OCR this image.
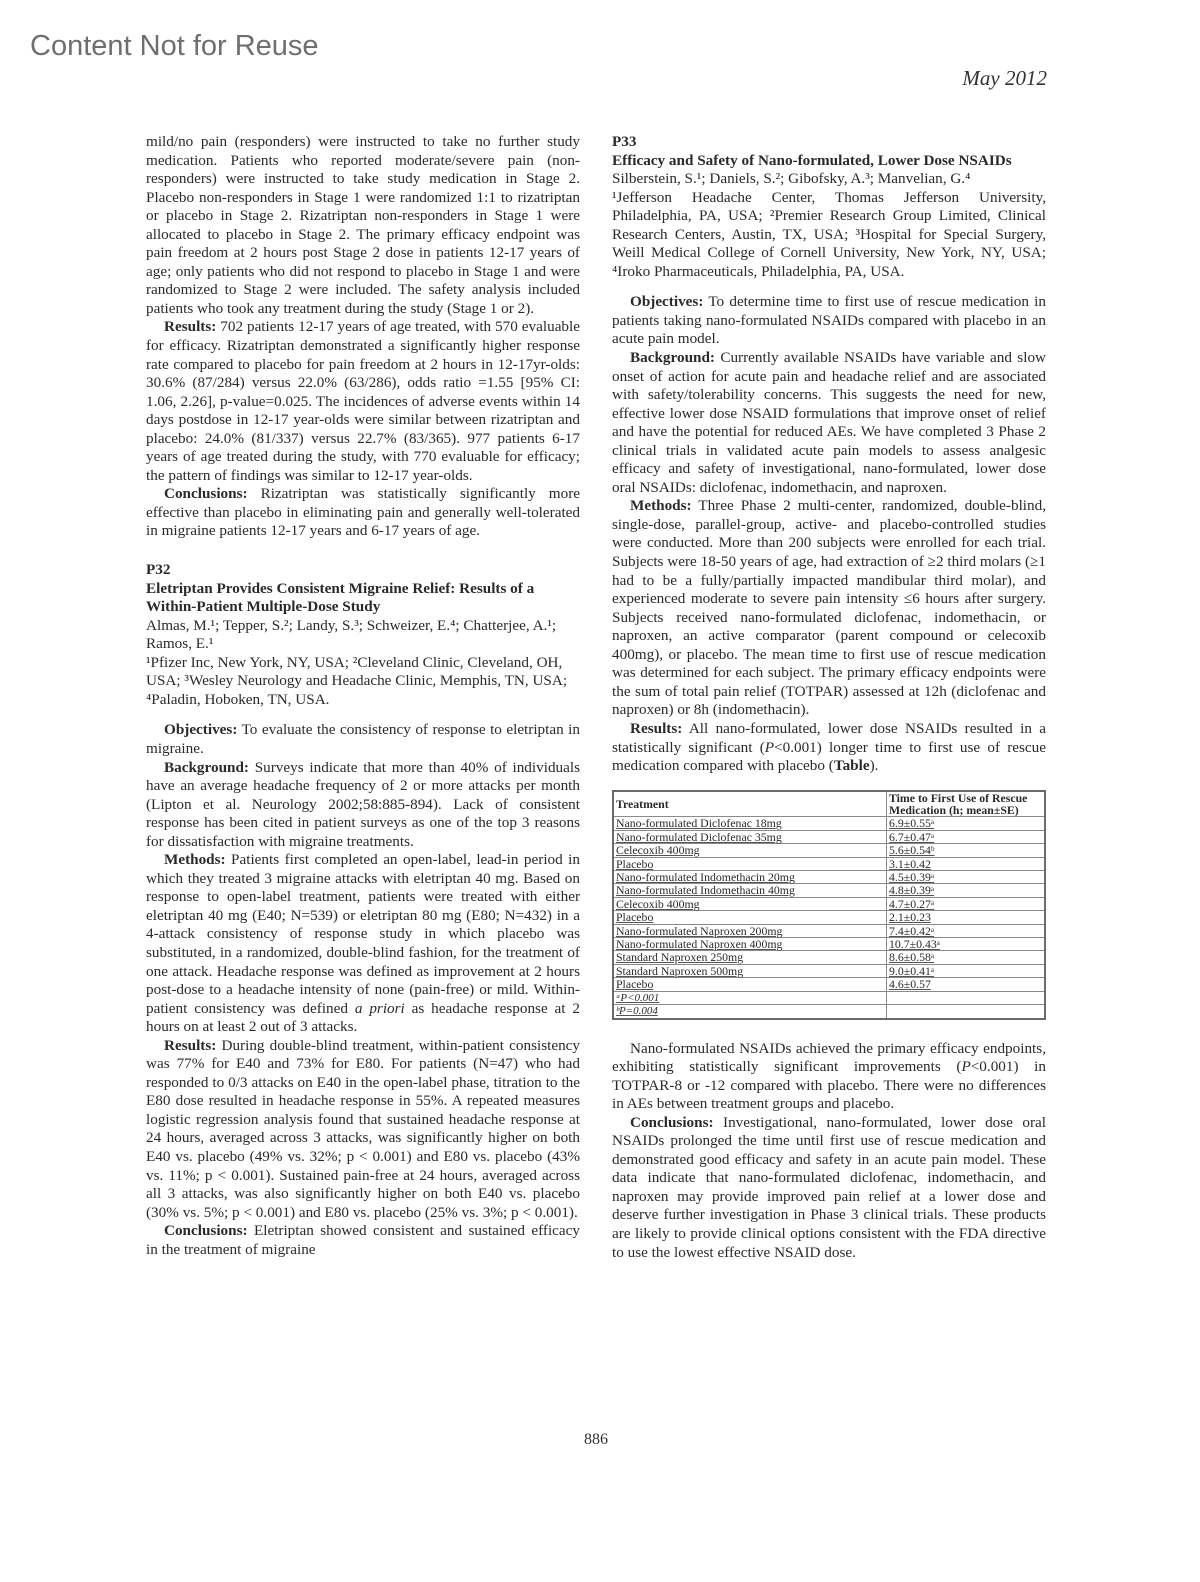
Content Not for Reuse
May 2012

mild/no pain (responders) were instructed to take no further study medication. Patients who reported moderate/severe pain (non-responders) were instructed to take study medication in Stage 2. Placebo non-responders in Stage 1 were randomized 1:1 to rizatriptan or placebo in Stage 2. Rizatriptan non-responders in Stage 1 were allocated to placebo in Stage 2. The primary efficacy endpoint was pain freedom at 2 hours post Stage 2 dose in patients 12-17 years of age; only patients who did not respond to placebo in Stage 1 and were randomized to Stage 2 were included. The safety analysis included patients who took any treatment during the study (Stage 1 or 2).

Results: 702 patients 12-17 years of age treated, with 570 evaluable for efficacy. Rizatriptan demonstrated a significantly higher response rate compared to placebo for pain freedom at 2 hours in 12-17yr-olds: 30.6% (87/284) versus 22.0% (63/286), odds ratio =1.55 [95% CI: 1.06, 2.26], p-value=0.025. The incidences of adverse events within 14 days postdose in 12-17 year-olds were similar between rizatriptan and placebo: 24.0% (81/337) versus 22.7% (83/365). 977 patients 6-17 years of age treated during the study, with 770 evaluable for efficacy; the pattern of findings was similar to 12-17 year-olds.

Conclusions: Rizatriptan was statistically significantly more effective than placebo in eliminating pain and generally well-tolerated in migraine patients 12-17 years and 6-17 years of age.

P32

Eletriptan Provides Consistent Migraine Relief: Results of a Within-Patient Multiple-Dose Study

Almas, M.¹; Tepper, S.²; Landy, S.³; Schweizer, E.⁴; Chatterjee, A.¹; Ramos, E.¹

¹Pfizer Inc, New York, NY, USA; ²Cleveland Clinic, Cleveland, OH, USA; ³Wesley Neurology and Headache Clinic, Memphis, TN, USA; ⁴Paladin, Hoboken, TN, USA.

Objectives: To evaluate the consistency of response to eletriptan in migraine.

Background: Surveys indicate that more than 40% of individuals have an average headache frequency of 2 or more attacks per month (Lipton et al. Neurology 2002;58:885-894). Lack of consistent response has been cited in patient surveys as one of the top 3 reasons for dissatisfaction with migraine treatments.

Methods: Patients first completed an open-label, lead-in period in which they treated 3 migraine attacks with eletriptan 40 mg. Based on response to open-label treatment, patients were treated with either eletriptan 40 mg (E40; N=539) or eletriptan 80 mg (E80; N=432) in a 4-attack consistency of response study in which placebo was substituted, in a randomized, double-blind fashion, for the treatment of one attack. Headache response was defined as improvement at 2 hours post-dose to a headache intensity of none (pain-free) or mild. Within-patient consistency was defined a priori as headache response at 2 hours on at least 2 out of 3 attacks.

Results: During double-blind treatment, within-patient consistency was 77% for E40 and 73% for E80. For patients (N=47) who had responded to 0/3 attacks on E40 in the open-label phase, titration to the E80 dose resulted in headache response in 55%. A repeated measures logistic regression analysis found that sustained headache response at 24 hours, averaged across 3 attacks, was significantly higher on both E40 vs. placebo (49% vs. 32%; p < 0.001) and E80 vs. placebo (43% vs. 11%; p < 0.001). Sustained pain-free at 24 hours, averaged across all 3 attacks, was also significantly higher on both E40 vs. placebo (30% vs. 5%; p < 0.001) and E80 vs. placebo (25% vs. 3%; p < 0.001).

Conclusions: Eletriptan showed consistent and sustained efficacy in the treatment of migraine

P33

Efficacy and Safety of Nano-formulated, Lower Dose NSAIDs

Silberstein, S.¹; Daniels, S.²; Gibofsky, A.³; Manvelian, G.⁴

¹Jefferson Headache Center, Thomas Jefferson University, Philadelphia, PA, USA; ²Premier Research Group Limited, Clinical Research Centers, Austin, TX, USA; ³Hospital for Special Surgery, Weill Medical College of Cornell University, New York, NY, USA; ⁴Iroko Pharmaceuticals, Philadelphia, PA, USA.

Objectives: To determine time to first use of rescue medication in patients taking nano-formulated NSAIDs compared with placebo in an acute pain model.

Background: Currently available NSAIDs have variable and slow onset of action for acute pain and headache relief and are associated with safety/tolerability concerns. This suggests the need for new, effective lower dose NSAID formulations that improve onset of relief and have the potential for reduced AEs. We have completed 3 Phase 2 clinical trials in validated acute pain models to assess analgesic efficacy and safety of investigational, nano-formulated, lower dose oral NSAIDs: diclofenac, indomethacin, and naproxen.

Methods: Three Phase 2 multi-center, randomized, double-blind, single-dose, parallel-group, active- and placebo-controlled studies were conducted. More than 200 subjects were enrolled for each trial. Subjects were 18-50 years of age, had extraction of ≥2 third molars (≥1 had to be a fully/partially impacted mandibular third molar), and experienced moderate to severe pain intensity ≤6 hours after surgery. Subjects received nano-formulated diclofenac, indomethacin, or naproxen, an active comparator (parent compound or celecoxib 400mg), or placebo. The mean time to first use of rescue medication was determined for each subject. The primary efficacy endpoints were the sum of total pain relief (TOTPAR) assessed at 12h (diclofenac and naproxen) or 8h (indomethacin).

Results: All nano-formulated, lower dose NSAIDs resulted in a statistically significant (P<0.001) longer time to first use of rescue medication compared with placebo (Table).

Treatment	Time to First Use of Rescue Medication (h; mean±SE)
Nano-formulated Diclofenac 18mg	6.9±0.55ᵃ
Nano-formulated Diclofenac 35mg	6.7±0.47ᵃ
Celecoxib 400mg	5.6±0.54ᵇ
Placebo	3.1±0.42
Nano-formulated Indomethacin 20mg	4.5±0.39ᵃ
Nano-formulated Indomethacin 40mg	4.8±0.39ᵃ
Celecoxib 400mg	4.7±0.27ᵃ
Placebo	2.1±0.23
Nano-formulated Naproxen 200mg	7.4±0.42ᵃ
Nano-formulated Naproxen 400mg	10.7±0.43ᵃ
Standard Naproxen 250mg	8.6±0.58ᵃ
Standard Naproxen 500mg	9.0±0.41ᵃ
Placebo	4.6±0.57
ᵃP<0.001	
ᵇP=0.004	

Nano-formulated NSAIDs achieved the primary efficacy endpoints, exhibiting statistically significant improvements (P<0.001) in TOTPAR-8 or -12 compared with placebo. There were no differences in AEs between treatment groups and placebo.

Conclusions: Investigational, nano-formulated, lower dose oral NSAIDs prolonged the time until first use of rescue medication and demonstrated good efficacy and safety in an acute pain model. These data indicate that nano-formulated diclofenac, indomethacin, and naproxen may provide improved pain relief at a lower dose and deserve further investigation in Phase 3 clinical trials. These products are likely to provide clinical options consistent with the FDA directive to use the lowest effective NSAID dose.

886
